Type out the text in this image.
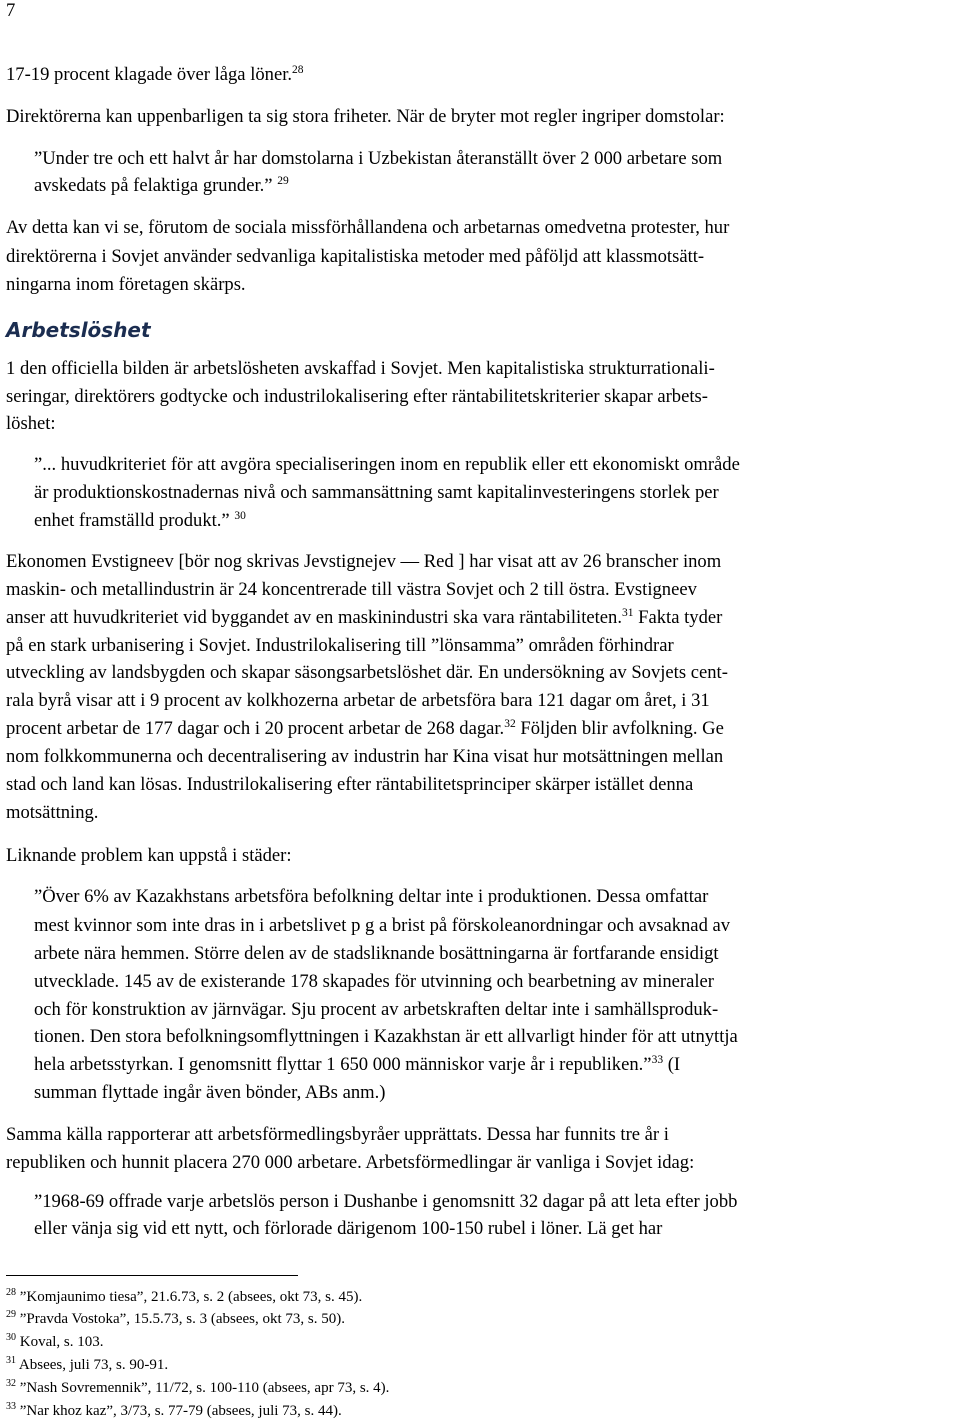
7

17-19 procent klagade över låga löner.$^{28}$

Direktörerna kan uppenbarligen ta sig stora friheter. När de bryter mot regler ingriper domstolar:

”Under tre och ett halvt år har domstolarna i Uzbekistan återanställt över 2 000 arbetare som

avskedats på felaktiga grunder.” $^{29}$

Av detta kan vi se, förutom de sociala missförhållandena och arbetarnas omedvetna protester, hur

direktörerna i Sovjet använder sedvanliga kapitalistiska metoder med påföljd att klassmotsätt-

ningarna inom företagen skärps.

Arbetslöshet

1 den officiella bilden är arbetslösheten avskaffad i Sovjet. Men kapitalistiska strukturrationali-

seringar, direktörers godtycke och industrilokalisering efter räntabilitetskriterier skapar arbets-

löshet:

”... huvudkriteriet för att avgöra specialiseringen inom en republik eller ett ekonomiskt område

är produktionskostnadernas nivå och sammansättning samt kapitalinvesteringens storlek per

enhet framställd produkt.” $^{30}$

Ekonomen Evstigneev [bör nog skrivas Jevstignejev — Red ] har visat att av 26 branscher inom

maskin- och metallindustrin är 24 koncentrerade till västra Sovjet och 2 till östra. Evstigneev

anser att huvudkriteriet vid byggandet av en maskinindustri ska vara räntabiliteten.$^{31}$ Fakta tyder

på en stark urbanisering i Sovjet. Industrilokalisering till ”lönsamma” områden förhindrar

utveckling av landsbygden och skapar säsongsarbetslöshet där. En undersökning av Sovjets cent-

rala byrå visar att i 9 procent av kolkhozerna arbetar de arbetsföra bara 121 dagar om året, i 31

procent arbetar de 177 dagar och i 20 procent arbetar de 268 dagar.$^{32}$ Följden blir avfolkning. Ge

nom folkkommunerna och decentralisering av industrin har Kina visat hur motsättningen mellan

stad och land kan lösas. Industrilokalisering efter räntabilitetsprinciper skärper istället denna

motsättning.

Liknande problem kan uppstå i städer:

”Över 6% av Kazakhstans arbetsföra befolkning deltar inte i produktionen. Dessa omfattar

mest kvinnor som inte dras in i arbetslivet p g a brist på förskoleanordningar och avsaknad av

arbete nära hemmen. Större delen av de stadsliknande bosättningarna är fortfarande ensidigt

utvecklade. 145 av de existerande 178 skapades för utvinning och bearbetning av mineraler

och för konstruktion av järnvägar. Sju procent av arbetskraften deltar inte i samhällsproduk-

tionen. Den stora befolkningsomflyttningen i Kazakhstan är ett allvarligt hinder för att utnyttja

hela arbetsstyrkan. I genomsnitt flyttar 1 650 000 människor varje år i republiken.”$^{33}$ (I

summan flyttade ingår även bönder, ABs anm.)

Samma källa rapporterar att arbetsförmedlingsbyråer upprättats. Dessa har funnits tre år i

republiken och hunnit placera 270 000 arbetare. Arbetsförmedlingar är vanliga i Sovjet idag:

”1968-69 offrade varje arbetslös person i Dushanbe i genomsnitt 32 dagar på att leta efter jobb

eller vänja sig vid ett nytt, och förlorade därigenom 100-150 rubel i löner. Lä get har

$^{28}$ ”Komjaunimo tiesa”, 21.6.73, s. 2 (absees, okt 73, s. 45).

$^{29}$ ”Pravda Vostoka”, 15.5.73, s. 3 (absees, okt 73, s. 50).

$^{30}$ Koval, s. 103.

$^{31}$ Absees, juli 73, s. 90-91.

$^{32}$ ”Nash Sovremennik”, 11/72, s. 100-110 (absees, apr 73, s. 4).

$^{33}$ ”Nar khoz kaz”, 3/73, s. 77-79 (absees, juli 73, s. 44).
